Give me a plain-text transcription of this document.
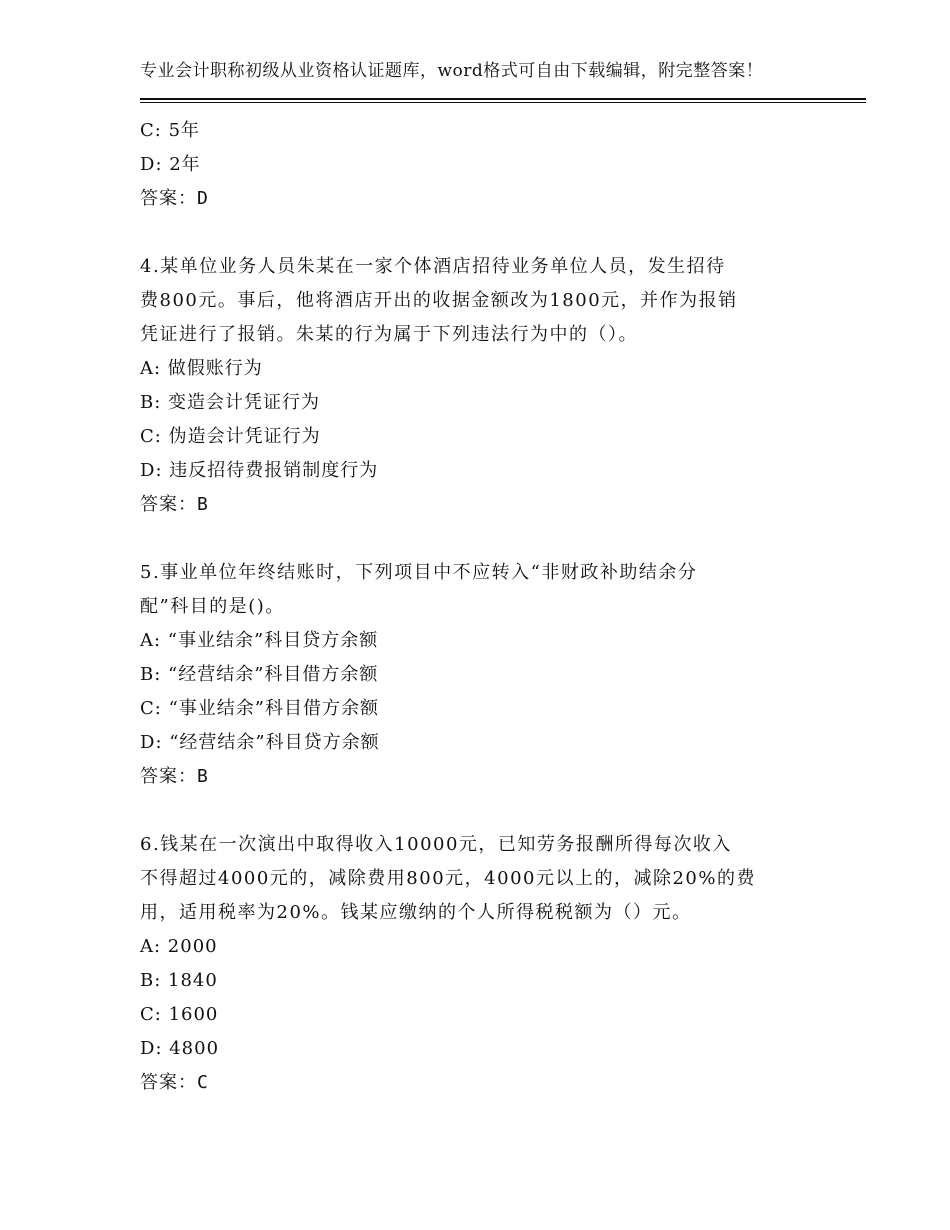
专业会计职称初级从业资格认证题库，word格式可自由下载编辑，附完整答案！
C: 5年
D: 2年
答案：D
4.某单位业务人员朱某在一家个体酒店招待业务单位人员，发生招待
费800元。事后，他将酒店开出的收据金额改为1800元，并作为报销
凭证进行了报销。朱某的行为属于下列违法行为中的（）。
A: 做假账行为
B: 变造会计凭证行为
C: 伪造会计凭证行为
D: 违反招待费报销制度行为
答案：B
5.事业单位年终结账时，下列项目中不应转入“非财政补助结余分
配”科目的是()。
A: “事业结余”科目贷方余额
B: “经营结余”科目借方余额
C: “事业结余”科目借方余额
D: “经营结余”科目贷方余额
答案：B
6.钱某在一次演出中取得收入10000元，已知劳务报酬所得每次收入
不得超过4000元的，减除费用800元，4000元以上的，减除20%的费
用，适用税率为20%。钱某应缴纳的个人所得税税额为（）元。
A: 2000
B: 1840
C: 1600
D: 4800
答案：C
